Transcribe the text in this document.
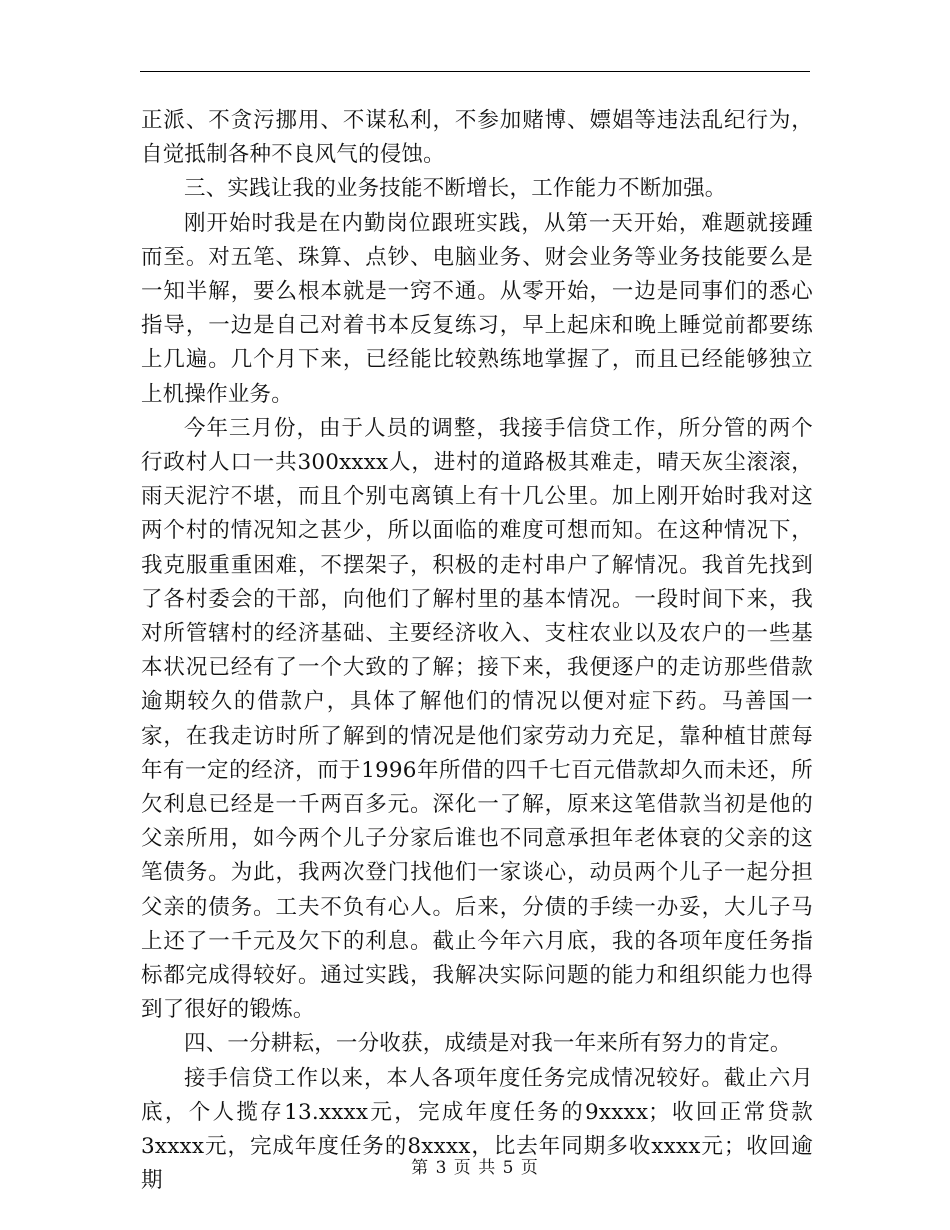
正派、不贪污挪用、不谋私利，不参加赌博、嫖娼等违法乱纪行为，自觉抵制各种不良风气的侵蚀。

三、实践让我的业务技能不断增长，工作能力不断加强。

刚开始时我是在内勤岗位跟班实践，从第一天开始，难题就接踵而至。对五笔、珠算、点钞、电脑业务、财会业务等业务技能要么是一知半解，要么根本就是一窍不通。从零开始，一边是同事们的悉心指导，一边是自己对着书本反复练习，早上起床和晚上睡觉前都要练上几遍。几个月下来，已经能比较熟练地掌握了，而且已经能够独立上机操作业务。

今年三月份，由于人员的调整，我接手信贷工作，所分管的两个行政村人口一共300xxxx人，进村的道路极其难走，晴天灰尘滚滚，雨天泥泞不堪，而且个别屯离镇上有十几公里。加上刚开始时我对这两个村的情况知之甚少，所以面临的难度可想而知。在这种情况下，我克服重重困难，不摆架子，积极的走村串户了解情况。我首先找到了各村委会的干部，向他们了解村里的基本情况。一段时间下来，我对所管辖村的经济基础、主要经济收入、支柱农业以及农户的一些基本状况已经有了一个大致的了解；接下来，我便逐户的走访那些借款逾期较久的借款户，具体了解他们的情况以便对症下药。马善国一家，在我走访时所了解到的情况是他们家劳动力充足，靠种植甘蔗每年有一定的经济，而于1996年所借的四千七百元借款却久而未还，所欠利息已经是一千两百多元。深化一了解，原来这笔借款当初是他的父亲所用，如今两个儿子分家后谁也不同意承担年老体衰的父亲的这笔债务。为此，我两次登门找他们一家谈心，动员两个儿子一起分担父亲的债务。工夫不负有心人。后来，分债的手续一办妥，大儿子马上还了一千元及欠下的利息。截止今年六月底，我的各项年度任务指标都完成得较好。通过实践，我解决实际问题的能力和组织能力也得到了很好的锻炼。

四、一分耕耘，一分收获，成绩是对我一年来所有努力的肯定。

接手信贷工作以来，本人各项年度任务完成情况较好。截止六月底，个人揽存13.xxxx元，完成年度任务的9xxxx；收回正常贷款3xxxx元，完成年度任务的8xxxx，比去年同期多收xxxx元；收回逾期

第 3 页 共 5 页
